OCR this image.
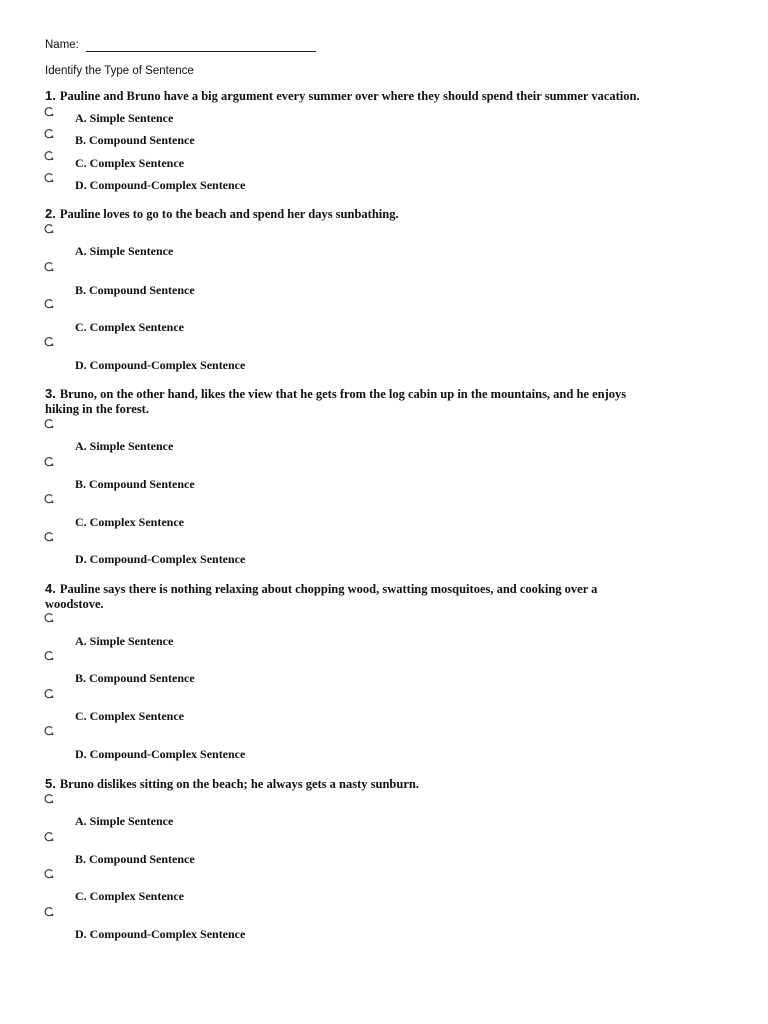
Name:
Identify the Type of Sentence
1. Pauline and Bruno have a big argument every summer over where they should spend their summer vacation.
A. Simple Sentence
B. Compound Sentence
C. Complex Sentence
D. Compound-Complex Sentence
2. Pauline loves to go to the beach and spend her days sunbathing.
A. Simple Sentence
B. Compound Sentence
C. Complex Sentence
D. Compound-Complex Sentence
3. Bruno, on the other hand, likes the view that he gets from the log cabin up in the mountains, and he enjoys
hiking in the forest.
A. Simple Sentence
B. Compound Sentence
C. Complex Sentence
D. Compound-Complex Sentence
4. Pauline says there is nothing relaxing about chopping wood, swatting mosquitoes, and cooking over a
woodstove.
A. Simple Sentence
B. Compound Sentence
C. Complex Sentence
D. Compound-Complex Sentence
5. Bruno dislikes sitting on the beach; he always gets a nasty sunburn.
A. Simple Sentence
B. Compound Sentence
C. Complex Sentence
D. Compound-Complex Sentence
